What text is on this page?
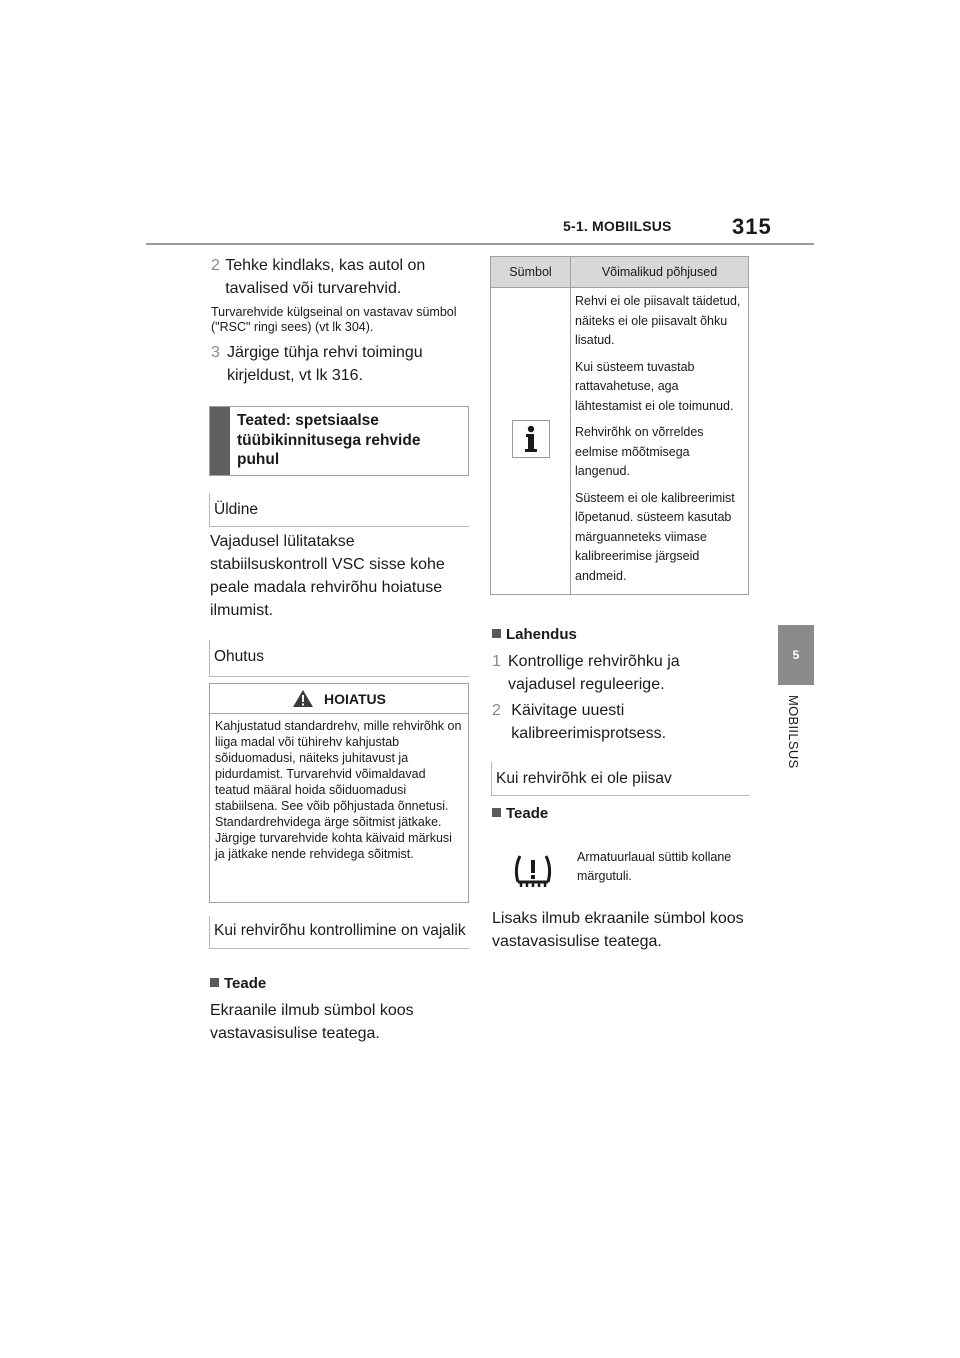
5-1. MOBIILSUS	315
5
MOBIILSUS
2 Tehke kindlaks, kas autol on tavalised või turvarehvid.
Turvarehvide külgseinal on vastavav sümbol ("RSC" ringi sees) (vt lk 304).
3 Järgige tühja rehvi toimingu kirjeldust, vt lk 316.
Teated: spetsiaalse tüübikinnitusega rehvide puhul
Üldine
Vajadusel lülitatakse stabiilsuskontroll VSC sisse kohe peale madala rehvirõhu hoiatuse ilmumist.
Ohutus
HOIATUS
Kahjustatud standardrehv, mille rehvirõhk on liiga madal või tühirehv kahjustab sõiduomadusi, näiteks juhitavust ja pidurdamist. Turvarehvid võimaldavad teatud määral hoida sõiduomadusi stabiilsena. See võib põhjustada õnnetusi. Standardrehvidega ärge sõitmist jätkake. Järgige turvarehvide kohta käivaid märkusi ja jätkake nende rehvidega sõitmist.
Kui rehvirõhu kontrollimine on vajalik
Teade
Ekraanile ilmub sümbol koos vastavasisulise teatega.
Sümbol	Võimalikud põhjused

Rehvi ei ole piisavalt täidetud, näiteks ei ole piisavalt õhku lisatud.

Kui süsteem tuvastab rattavahetuse, aga lähtestamist ei ole toimunud.

Rehvirõhk on võrreldes eelmise mõõtmisega langenud.

Süsteem ei ole kalibreerimist lõpetanud. süsteem kasutab märguanneteks viimase kalibreerimise järgseid andmeid.

Lahendus
1 Kontrollige rehvirõhku ja vajadusel reguleerige.
2 Käivitage uuesti kalibreerimisprotsess.
Kui rehvirõhk ei ole piisav
Teade
Armatuurlaual süttib kollane märgutuli.
Lisaks ilmub ekraanile sümbol koos vastavasisulise teatega.
